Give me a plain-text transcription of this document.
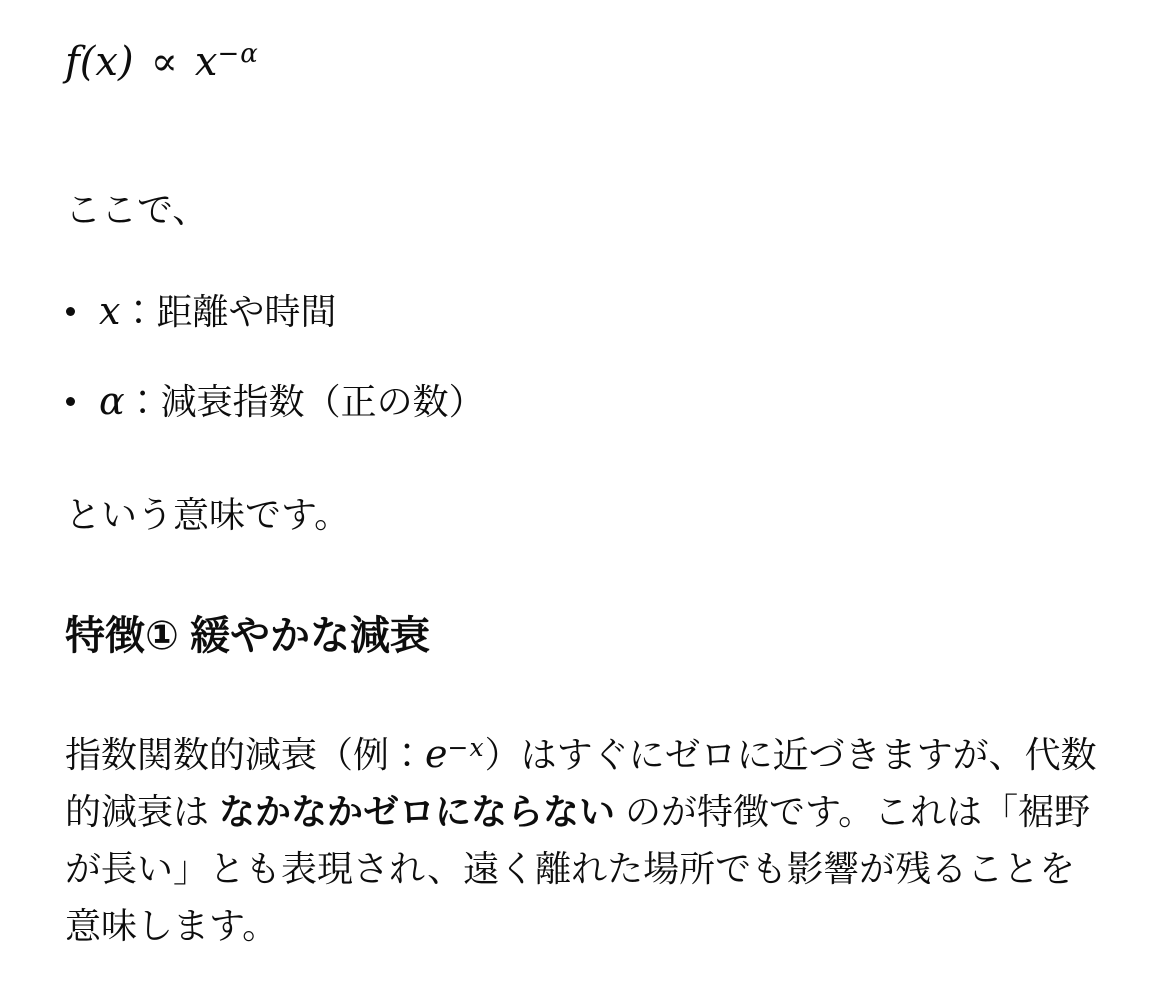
$f(x) \propto x^{-\alpha}$

ここで、

x：距離や時間
α：減衰指数（正の数）

という意味です。

特徴① 緩やかな減衰

指数関数的減衰（例：$e^{-x}$）はすぐにゼロに近づきますが、代数的減衰は なかなかゼロにならない のが特徴です。これは「裾野が長い」とも表現され、遠く離れた場所でも影響が残ることを意味します。
